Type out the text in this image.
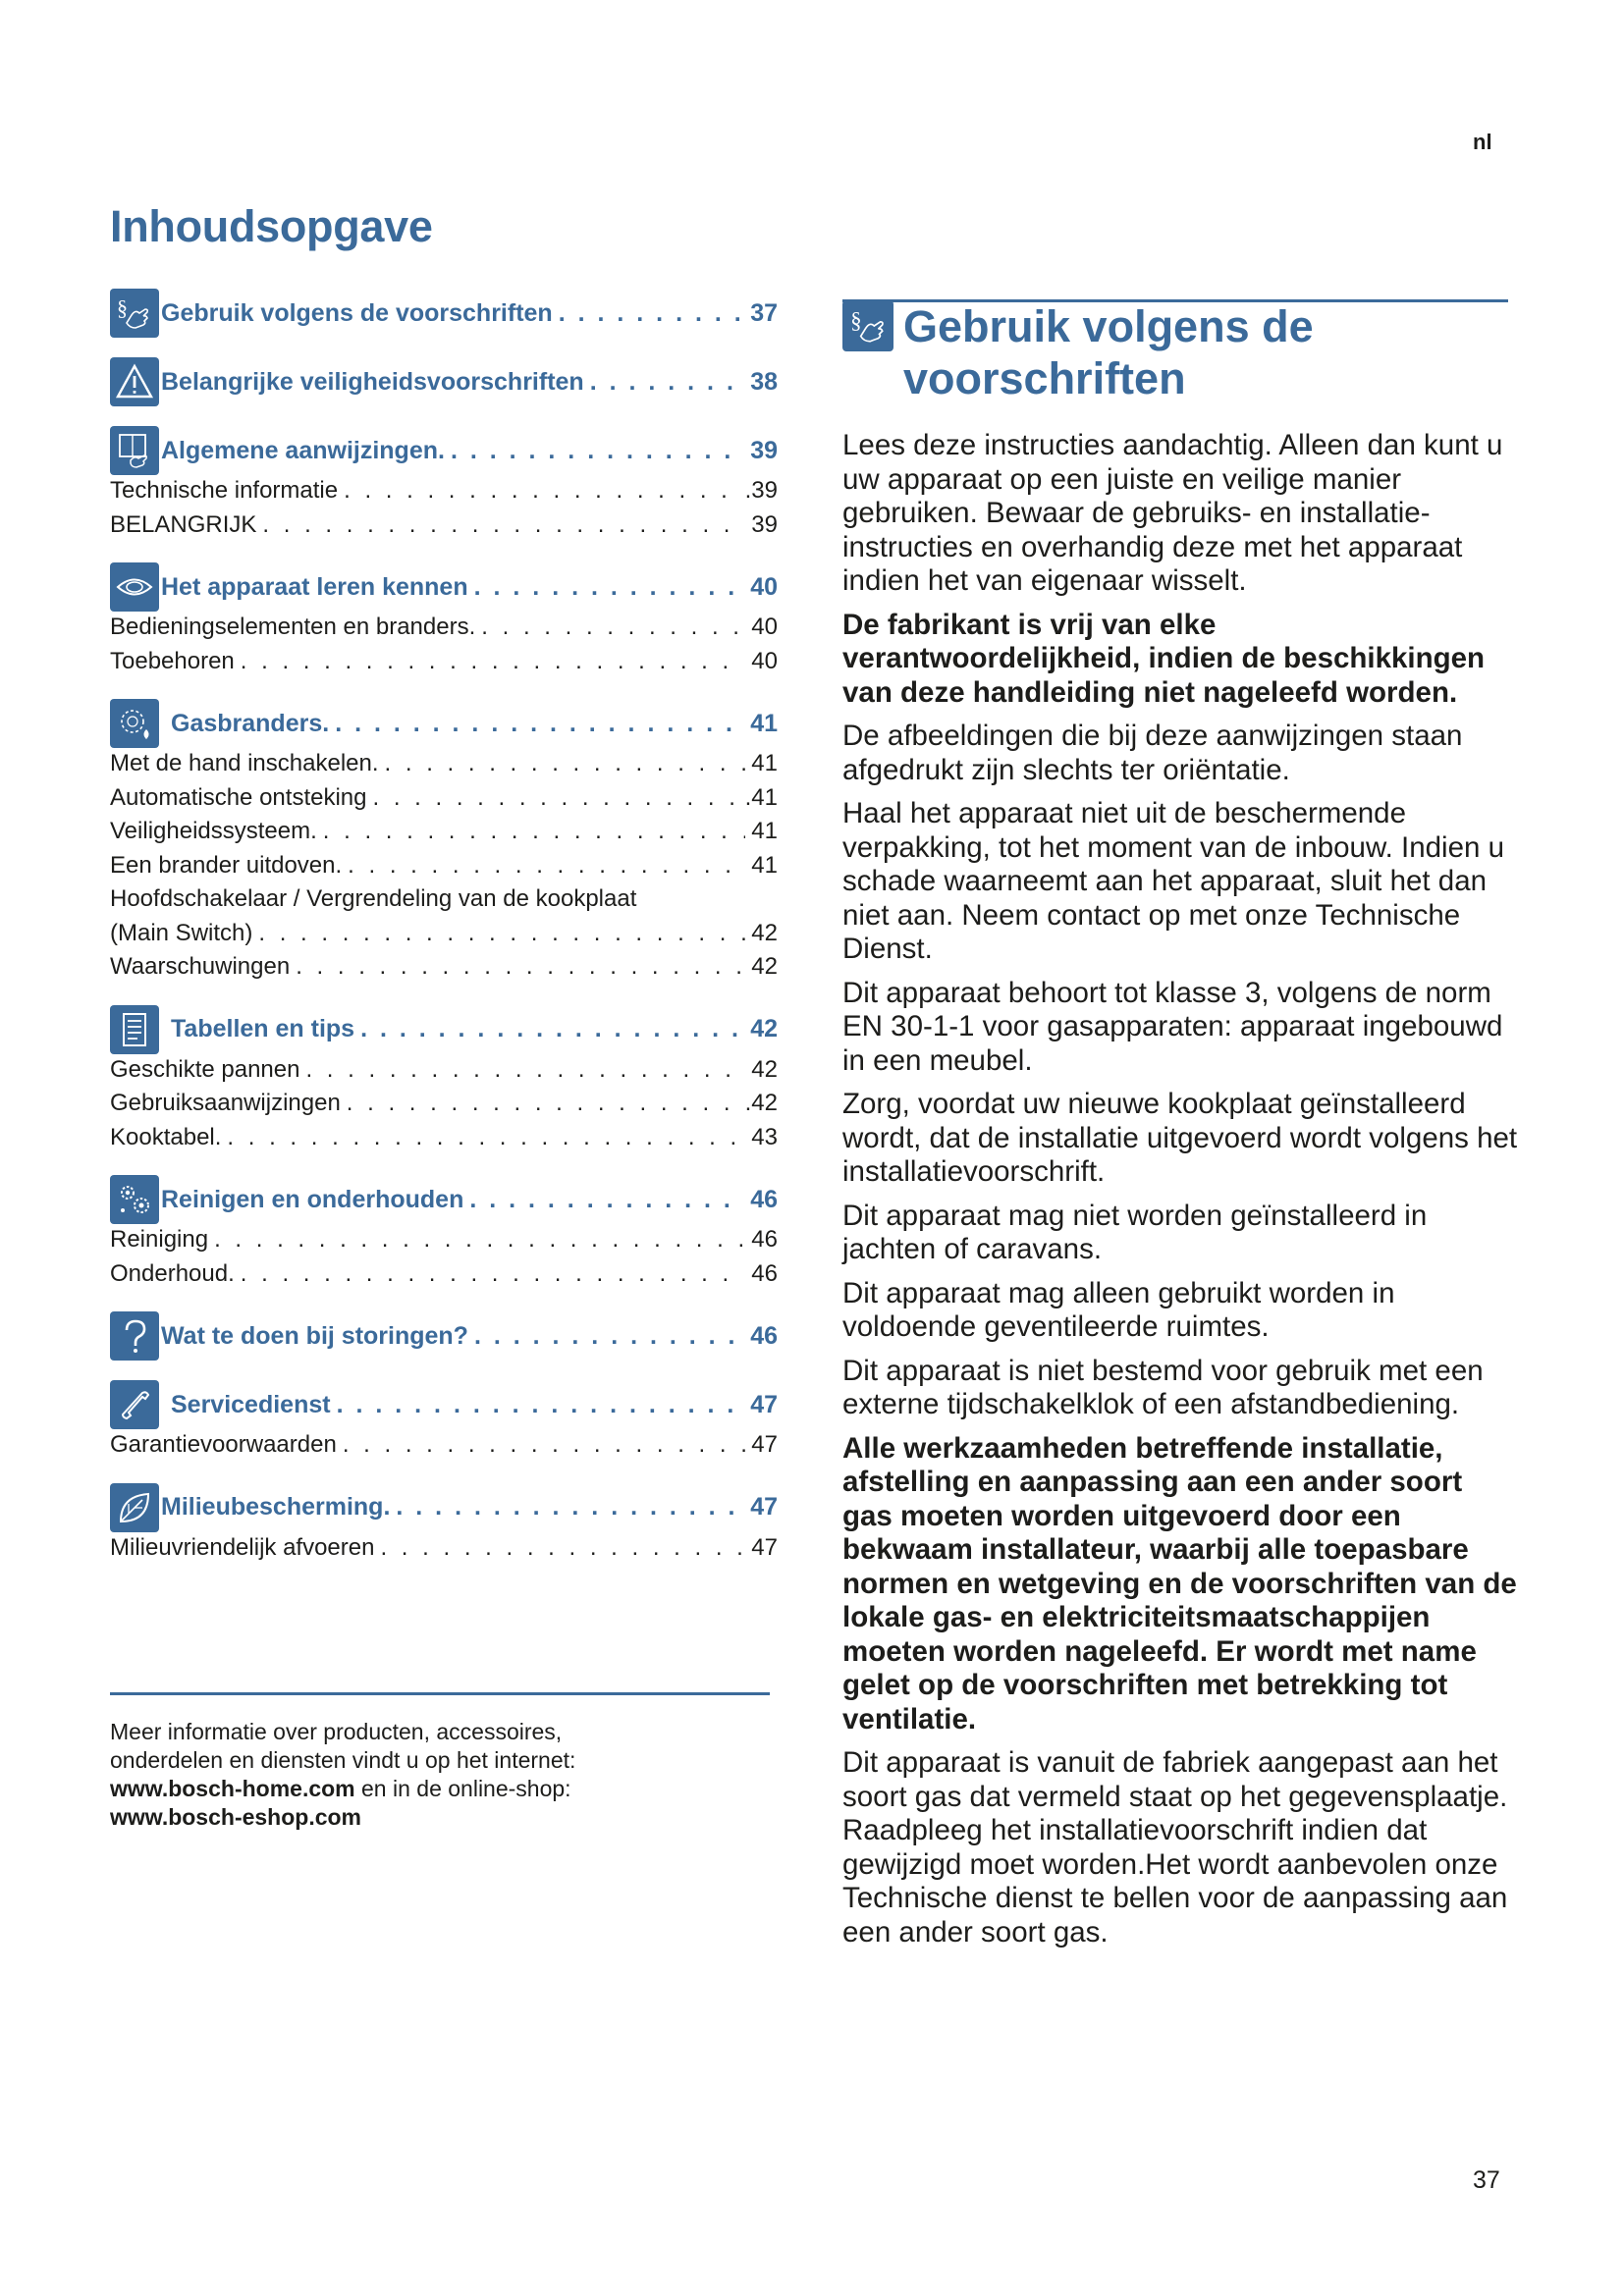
nl
Inhoudsopgave
§ Gebruik volgens de voorschriften . . .	37
Belangrijke veiligheidsvoorschriften . . .	38
Algemene aanwijzingen. . . .	39
Technische informatie . . .	.39
BELANGRIJK . . .	39
Het apparaat leren kennen . . .	40
Bedieningselementen en branders. . . .	40
Toebehoren . . .	40
Gasbranders. . . .	41
Met de hand inschakelen. . . .	41
Automatische ontsteking . . .	.41
Veiligheidssysteem. . . .	41
Een brander uitdoven. . . .	41
Hoofdschakelaar / Vergrendeling van de kookplaat
(Main Switch) . . .	42
Waarschuwingen . . .	42
Tabellen en tips . . .	42
Geschikte pannen . . .	42
Gebruiksaanwijzingen . . .	.42
Kooktabel. . . .	43
Reinigen en onderhouden . . .	46
Reiniging . . .	46
Onderhoud. . . .	46
Wat te doen bij storingen? . . .	46
Servicedienst . . .	47
Garantievoorwaarden . . .	47
Milieubescherming. . . .	47
Milieuvriendelijk afvoeren . . .	47
Meer informatie over producten, accessoires,
onderdelen en diensten vindt u op het internet:
www.bosch-home.com en in de online-shop:
www.bosch-eshop.com
§ Gebruik volgens de
voorschriften

Lees deze instructies aandachtig. Alleen dan kunt u uw apparaat op een juiste en veilige manier gebruiken. Bewaar de gebruiks- en installatie-instructies en overhandig deze met het apparaat indien het van eigenaar wisselt.

De fabrikant is vrij van elke verantwoordelijkheid, indien de beschikkingen van deze handleiding niet nageleefd worden.

De afbeeldingen die bij deze aanwijzingen staan afgedrukt zijn slechts ter oriëntatie.

Haal het apparaat niet uit de beschermende verpakking, tot het moment van de inbouw. Indien u schade waarneemt aan het apparaat, sluit het dan niet aan. Neem contact op met onze Technische Dienst.

Dit apparaat behoort tot klasse 3, volgens de norm EN 30-1-1 voor gasapparaten: apparaat ingebouwd in een meubel.

Zorg, voordat uw nieuwe kookplaat geïnstalleerd wordt, dat de installatie uitgevoerd wordt volgens het installatievoorschrift.

Dit apparaat mag niet worden geïnstalleerd in jachten of caravans.

Dit apparaat mag alleen gebruikt worden in voldoende geventileerde ruimtes.

Dit apparaat is niet bestemd voor gebruik met een externe tijdschakelklok of een afstandbediening.

Alle werkzaamheden betreffende installatie, afstelling en aanpassing aan een ander soort gas moeten worden uitgevoerd door een bekwaam installateur, waarbij alle toepasbare normen en wetgeving en de voorschriften van de lokale gas- en elektriciteitsmaatschappijen moeten worden nageleefd. Er wordt met name gelet op de voorschriften met betrekking tot ventilatie.

Dit apparaat is vanuit de fabriek aangepast aan het soort gas dat vermeld staat op het gegevensplaatje. Raadpleeg het installatievoorschrift indien dat gewijzigd moet worden.Het wordt aanbevolen onze Technische dienst te bellen voor de aanpassing aan een ander soort gas.

37
